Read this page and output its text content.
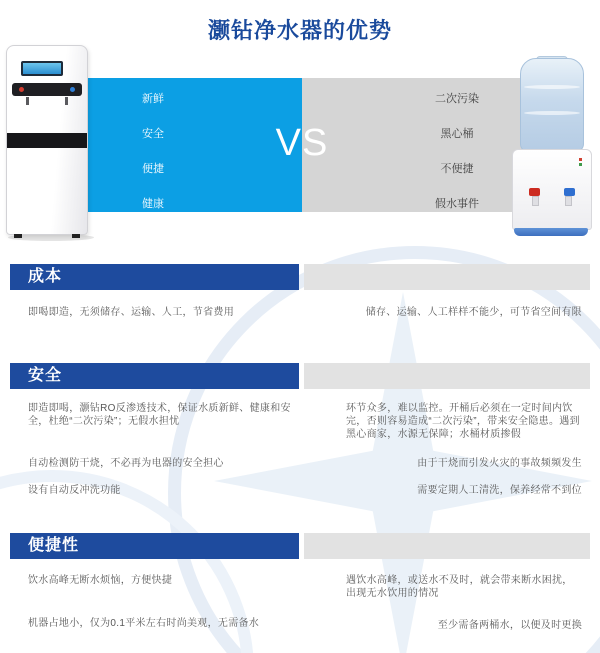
灏钻净水器的优势
新鲜
安全
便捷
健康
二次污染
黑心桶
不便捷
假水事件
VS
成本
即喝即造，无须储存、运输、人工，节省费用	储存、运输、人工样样不能少，可节省空间有限
安全
即造即喝，灏钻RO反渗透技术，保证水质新鲜、健康和安全，杜绝“二次污染”；无假水担忧
自动检测防干烧，不必再为电器的安全担心
设有自动反冲洗功能
环节众多，难以监控。开桶后必须在一定时间内饮完，否则容易造成“二次污染”，带来安全隐患。遇到黑心商家，水源无保障；水桶材质掺假
由于干烧而引发火灾的事故频频发生
需要定期人工清洗，保养经常不到位
便捷性
饮水高峰无断水烦恼，方便快捷
机器占地小，仅为0.1平米左右时尚美观，无需备水
遇饮水高峰，或送水不及时，就会带来断水困扰，出现无水饮用的情况
至少需备两桶水，以便及时更换
